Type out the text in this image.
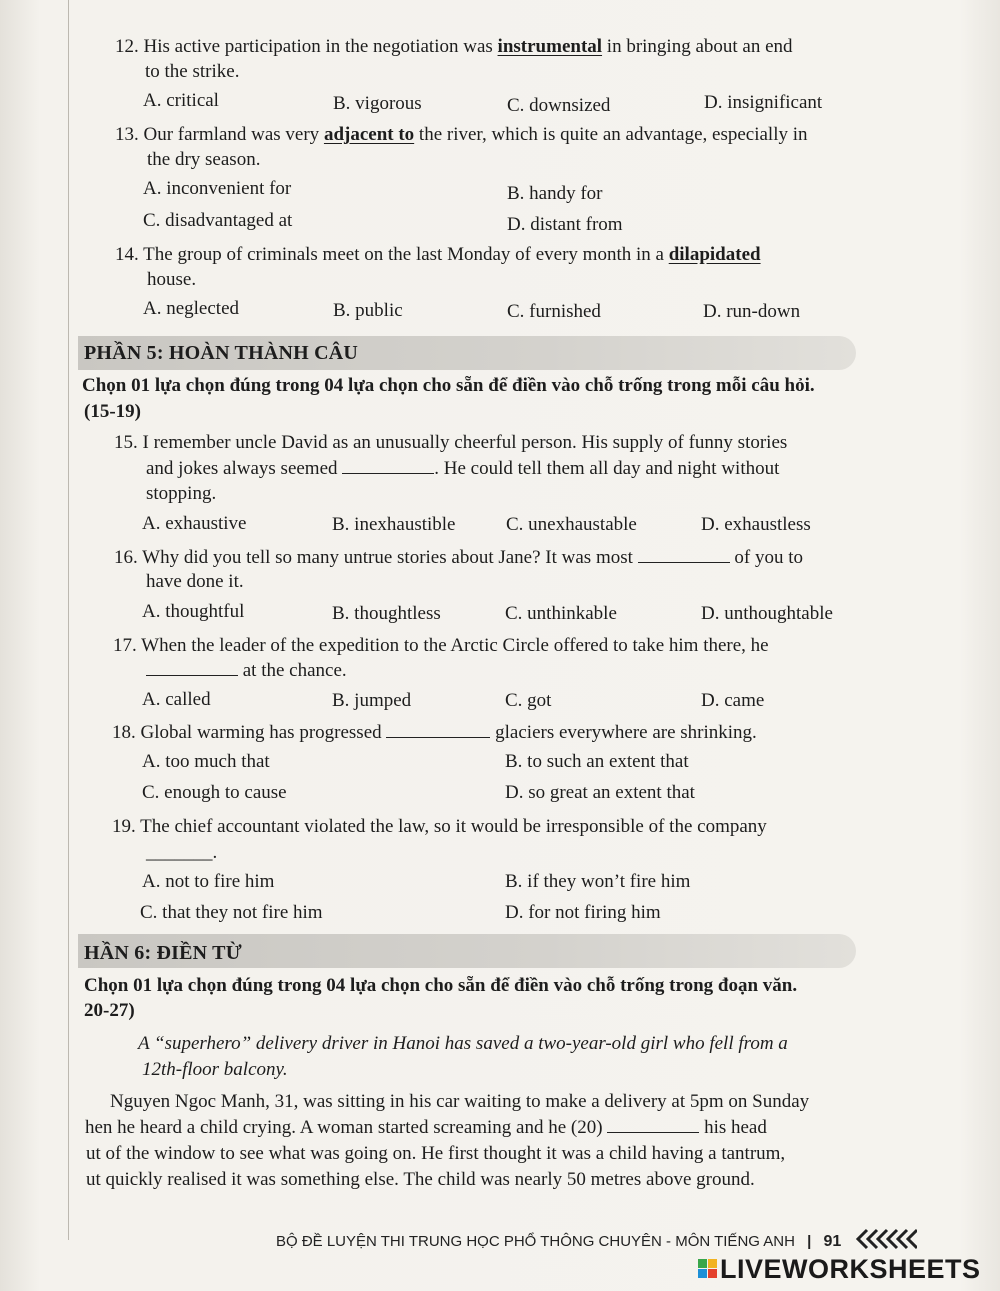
12. His active participation in the negotiation was instrumental in bringing about an end
to the strike.
A. critical	B. vigorous	C. downsized	D. insignificant
13. Our farmland was very adjacent to the river, which is quite an advantage, especially in
the dry season.
A. inconvenient for	B. handy for
C. disadvantaged at	D. distant from
14. The group of criminals meet on the last Monday of every month in a dilapidated
house.
A. neglected	B. public	C. furnished	D. run-down
PHẦN 5: HOÀN THÀNH CÂU
Chọn 01 lựa chọn đúng trong 04 lựa chọn cho sẵn để điền vào chỗ trống trong mỗi câu hỏi.
(15-19)
15. I remember uncle David as an unusually cheerful person. His supply of funny stories
and jokes always seemed	. He could tell them all day and night without
stopping.
A. exhaustive	B. inexhaustible	C. unexhaustable	D. exhaustless
16. Why did you tell so many untrue stories about Jane? It was most	of you to
have done it.
A. thoughtful	B. thoughtless	C. unthinkable	D. unthoughtable
17. When the leader of the expedition to the Arctic Circle offered to take him there, he
at the chance.
A. called	B. jumped	C. got	D. came
18. Global warming has progressed	glaciers everywhere are shrinking.
A. too much that	B. to such an extent that
C. enough to cause	D. so great an extent that
19. The chief accountant violated the law, so it would be irresponsible of the company
_______.
A. not to fire him	B. if they won’t fire him
C. that they not fire him	D. for not firing him
HẦN 6: ĐIỀN TỪ
Chọn 01 lựa chọn đúng trong 04 lựa chọn cho sẵn để điền vào chỗ trống trong đoạn văn.
20-27)
A “superhero” delivery driver in Hanoi has saved a two-year-old girl who fell from a
12th-floor balcony.
Nguyen Ngoc Manh, 31, was sitting in his car waiting to make a delivery at 5pm on Sunday
hen he heard a child crying. A woman started screaming and he (20)	his head
ut of the window to see what was going on. He first thought it was a child having a tantrum,
ut quickly realised it was something else. The child was nearly 50 metres above ground.
BỘ ĐỀ LUYỆN THI TRUNG HỌC PHỔ THÔNG CHUYÊN - MÔN TIẾNG ANH | 91
LIVEWORKSHEETS
